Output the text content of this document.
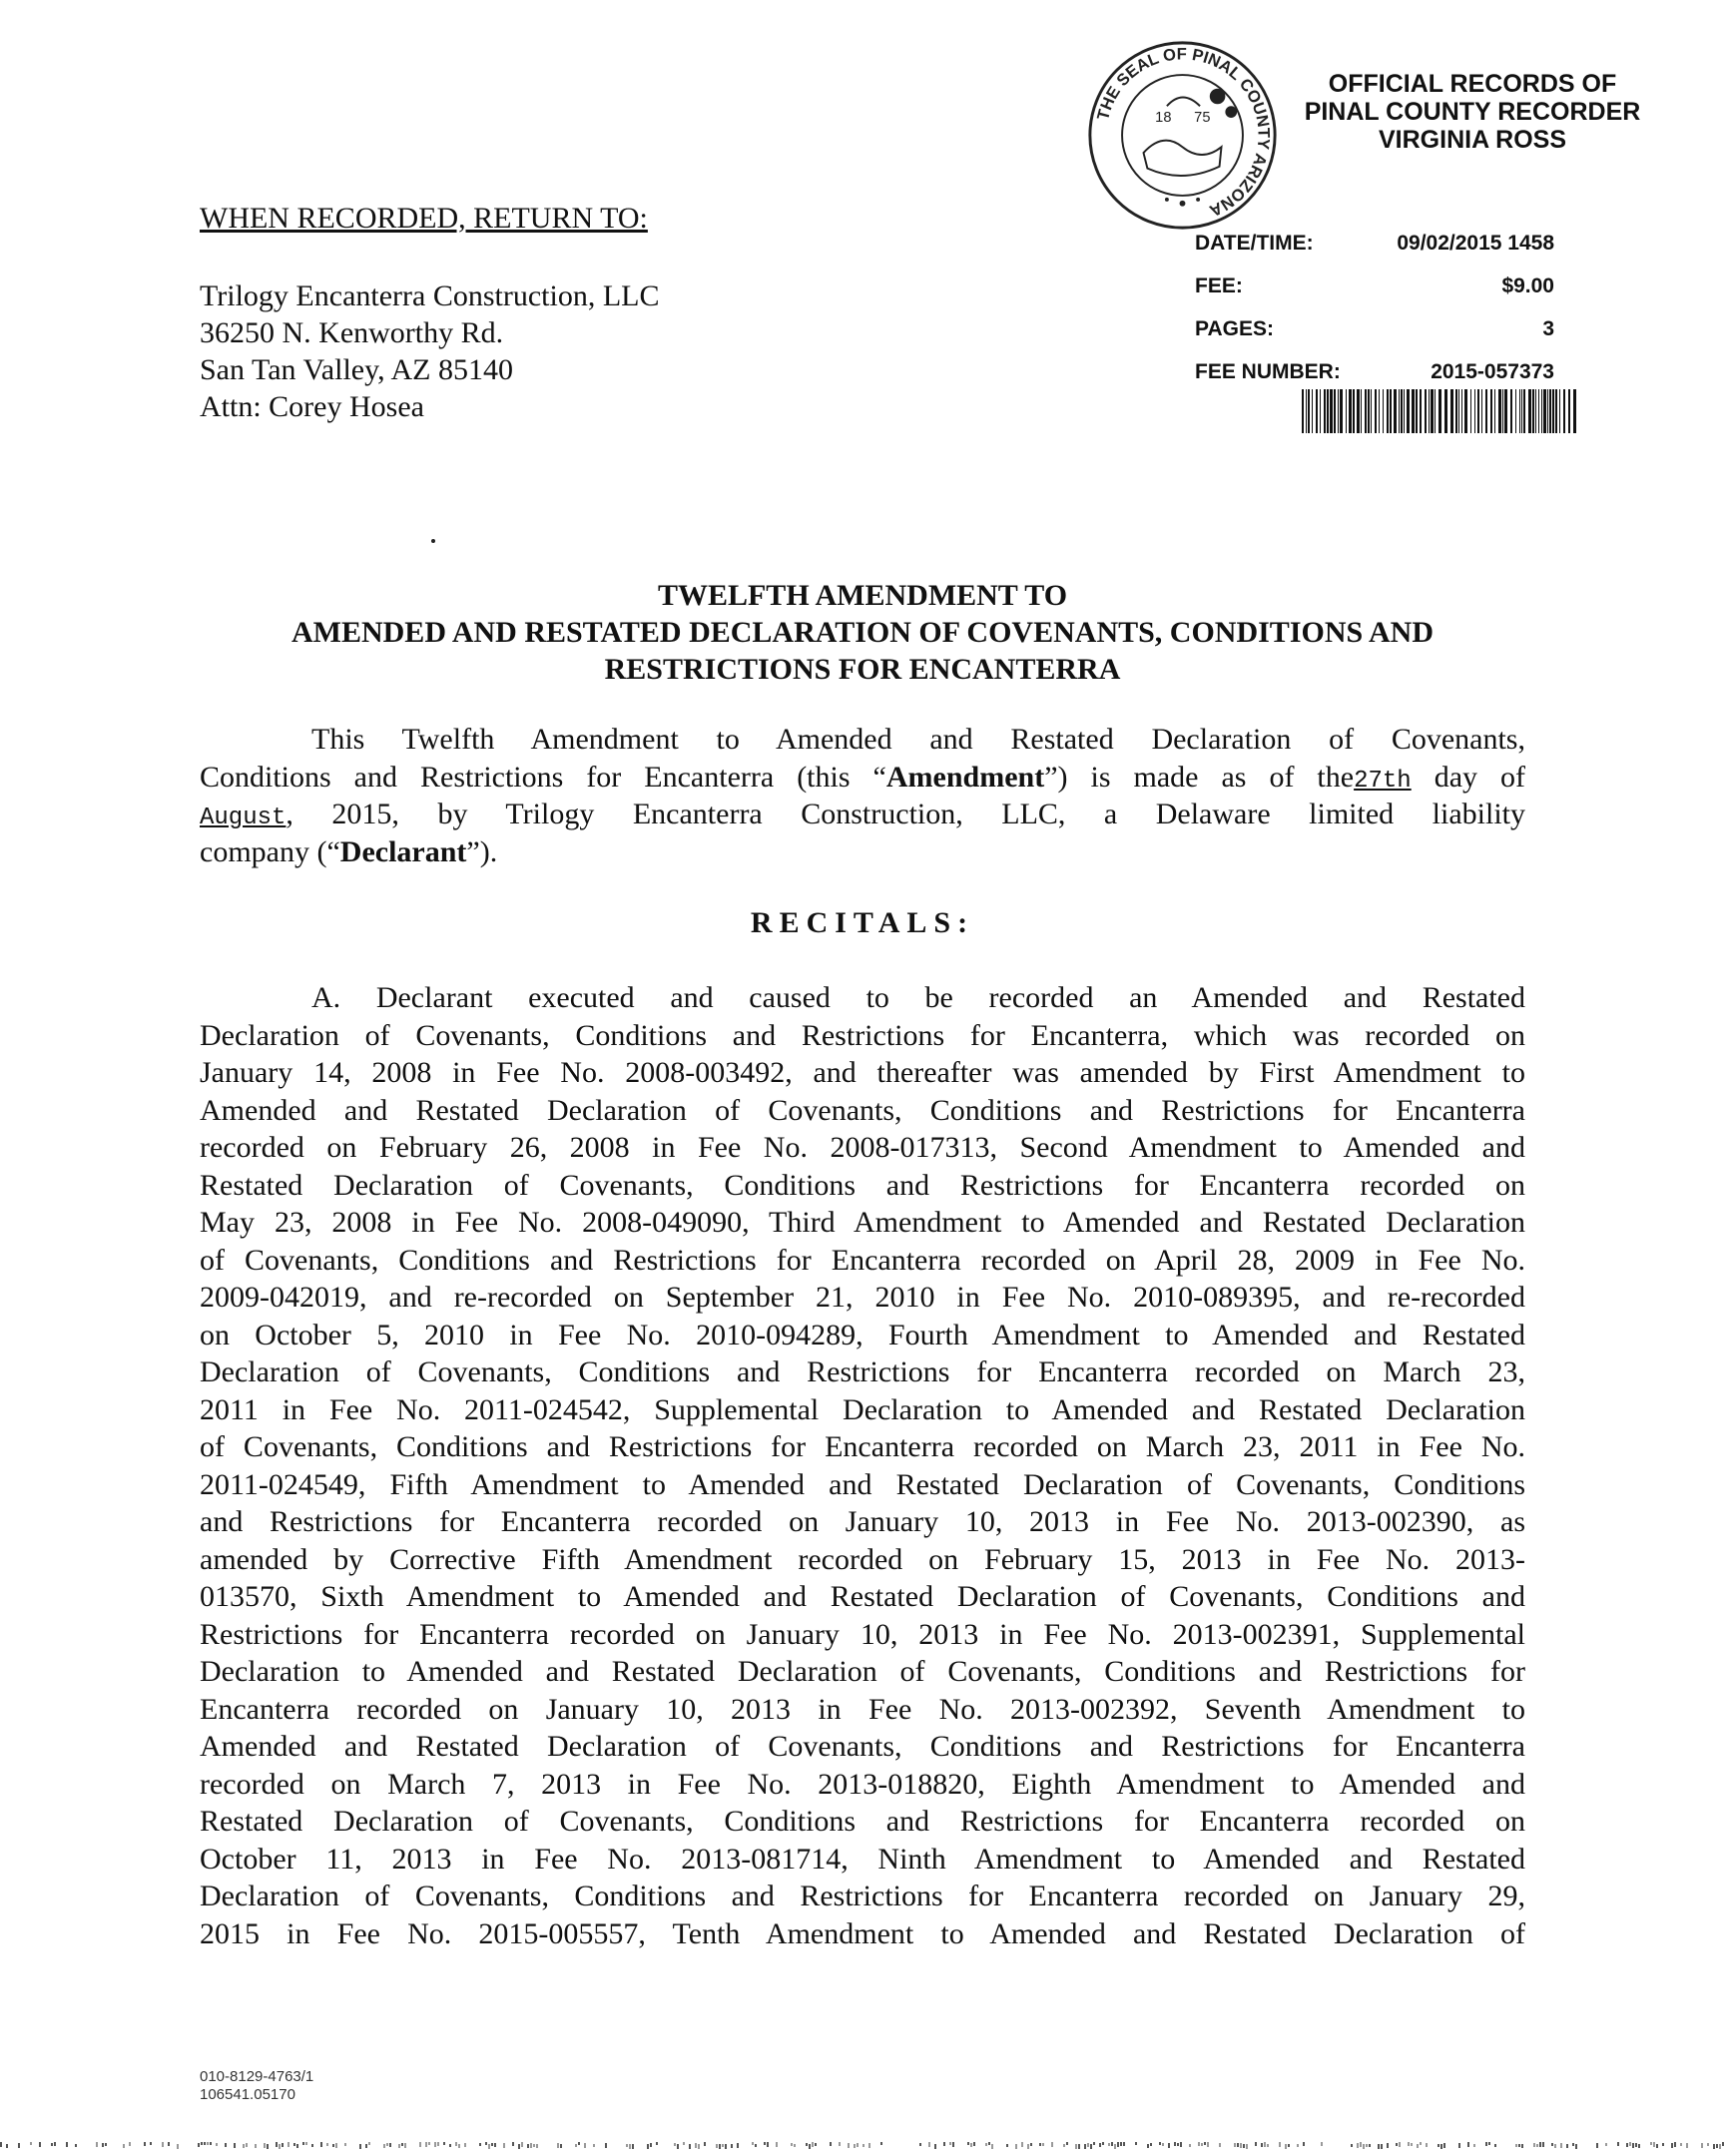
THE SEAL OF PINAL COUNTY ARIZONA
18 75
OFFICIAL RECORDS OF
PINAL COUNTY RECORDER
VIRGINIA ROSS
DATE/TIME:	09/02/2015 1458
FEE:	$9.00
PAGES:	3
FEE NUMBER:	2015-057373
WHEN RECORDED, RETURN TO:
Trilogy Encanterra Construction, LLC
36250 N. Kenworthy Rd.
San Tan Valley, AZ 85140
Attn: Corey Hosea
TWELFTH AMENDMENT TO
AMENDED AND RESTATED DECLARATION OF COVENANTS, CONDITIONS AND
RESTRICTIONS FOR ENCANTERRA
This Twelfth Amendment to Amended and Restated Declaration of Covenants,
Conditions and Restrictions for Encanterra (this “Amendment”) is made as of the27th day of
August, 2015, by Trilogy Encanterra Construction, LLC, a Delaware limited liability
company (“Declarant”).
RECITALS:
A. Declarant executed and caused to be recorded an Amended and Restated
Declaration of Covenants, Conditions and Restrictions for Encanterra, which was recorded on
January 14, 2008 in Fee No. 2008-003492, and thereafter was amended by First Amendment to
Amended and Restated Declaration of Covenants, Conditions and Restrictions for Encanterra
recorded on February 26, 2008 in Fee No. 2008-017313, Second Amendment to Amended and
Restated Declaration of Covenants, Conditions and Restrictions for Encanterra recorded on
May 23, 2008 in Fee No. 2008-049090, Third Amendment to Amended and Restated Declaration
of Covenants, Conditions and Restrictions for Encanterra recorded on April 28, 2009 in Fee No.
2009-042019, and re-recorded on September 21, 2010 in Fee No. 2010-089395, and re-recorded
on October 5, 2010 in Fee No. 2010-094289, Fourth Amendment to Amended and Restated
Declaration of Covenants, Conditions and Restrictions for Encanterra recorded on March 23,
2011 in Fee No. 2011-024542, Supplemental Declaration to Amended and Restated Declaration
of Covenants, Conditions and Restrictions for Encanterra recorded on March 23, 2011 in Fee No.
2011-024549, Fifth Amendment to Amended and Restated Declaration of Covenants, Conditions
and Restrictions for Encanterra recorded on January 10, 2013 in Fee No. 2013-002390, as
amended by Corrective Fifth Amendment recorded on February 15, 2013 in Fee No. 2013-
013570, Sixth Amendment to Amended and Restated Declaration of Covenants, Conditions and
Restrictions for Encanterra recorded on January 10, 2013 in Fee No. 2013-002391, Supplemental
Declaration to Amended and Restated Declaration of Covenants, Conditions and Restrictions for
Encanterra recorded on January 10, 2013 in Fee No. 2013-002392, Seventh Amendment to
Amended and Restated Declaration of Covenants, Conditions and Restrictions for Encanterra
recorded on March 7, 2013 in Fee No. 2013-018820, Eighth Amendment to Amended and
Restated Declaration of Covenants, Conditions and Restrictions for Encanterra recorded on
October 11, 2013 in Fee No. 2013-081714, Ninth Amendment to Amended and Restated
Declaration of Covenants, Conditions and Restrictions for Encanterra recorded on January 29,
2015 in Fee No. 2015-005557, Tenth Amendment to Amended and Restated Declaration of
010-8129-4763/1
106541.05170
